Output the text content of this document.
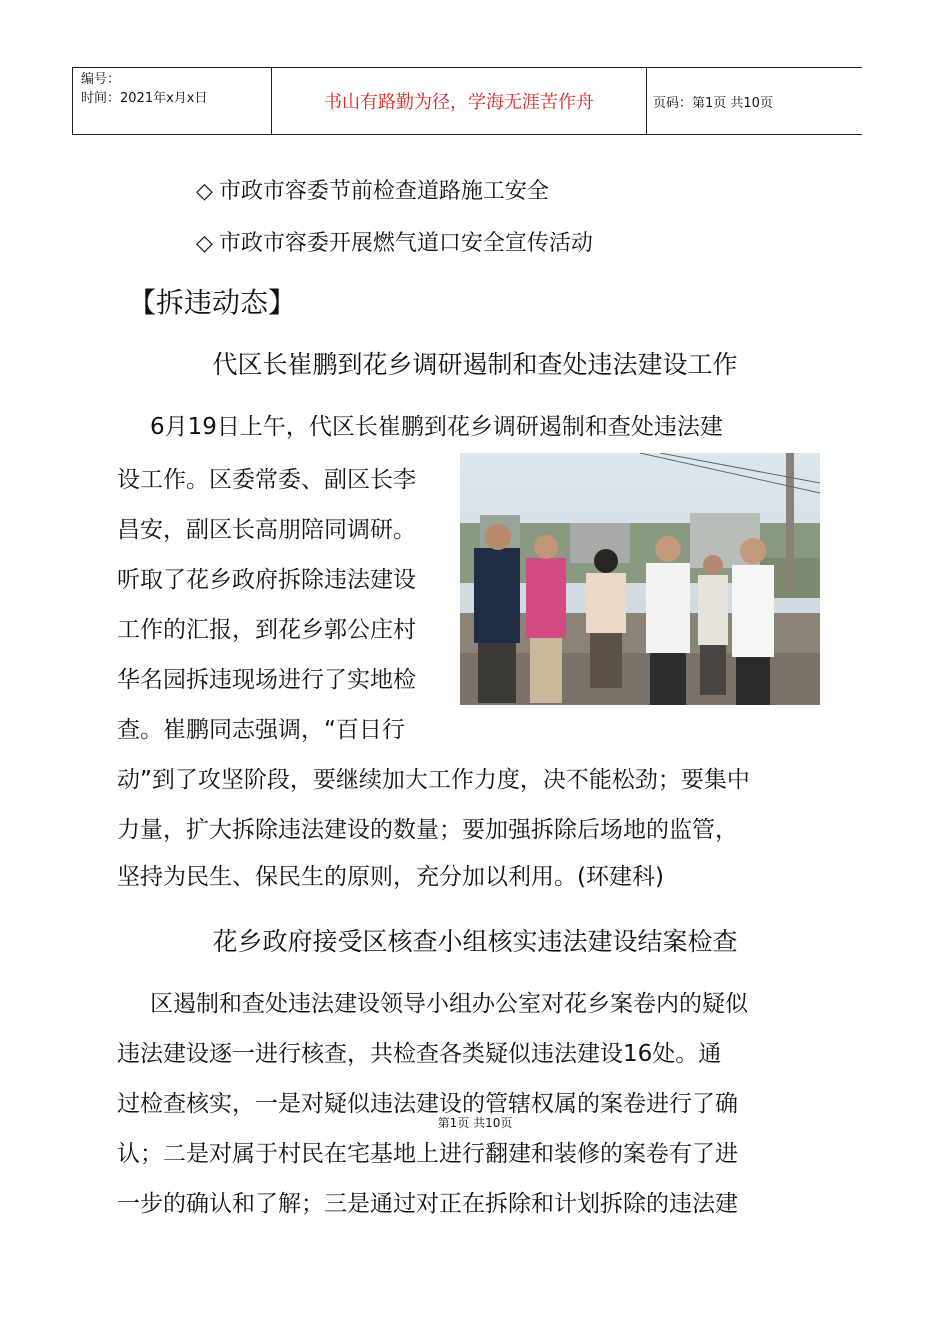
编号：
时间：2021年x月x日	书山有路勤为径，学海无涯苦作舟	页码：第1页 共10页
◇ 市政市容委节前检查道路施工安全
◇ 市政市容委开展燃气道口安全宣传活动
【拆违动态】
代区长崔鹏到花乡调研遏制和查处违法建设工作
6月19日上午，代区长崔鹏到花乡调研遏制和查处违法建
设工作。区委常委、副区长李
昌安，副区长高朋陪同调研。
听取了花乡政府拆除违法建设
工作的汇报，到花乡郭公庄村
华名园拆违现场进行了实地检
查。崔鹏同志强调，“百日行
动”到了攻坚阶段，要继续加大工作力度，决不能松劲；要集中
力量，扩大拆除违法建设的数量；要加强拆除后场地的监管，
坚持为民生、保民生的原则，充分加以利用。(环建科)
花乡政府接受区核查小组核实违法建设结案检查
区遏制和查处违法建设领导小组办公室对花乡案卷内的疑似
违法建设逐一进行核查，共检查各类疑似违法建设16处。通
过检查核实，一是对疑似违法建设的管辖权属的案卷进行了确
认；二是对属于村民在宅基地上进行翻建和装修的案卷有了进
一步的确认和了解；三是通过对正在拆除和计划拆除的违法建
第1页 共10页
